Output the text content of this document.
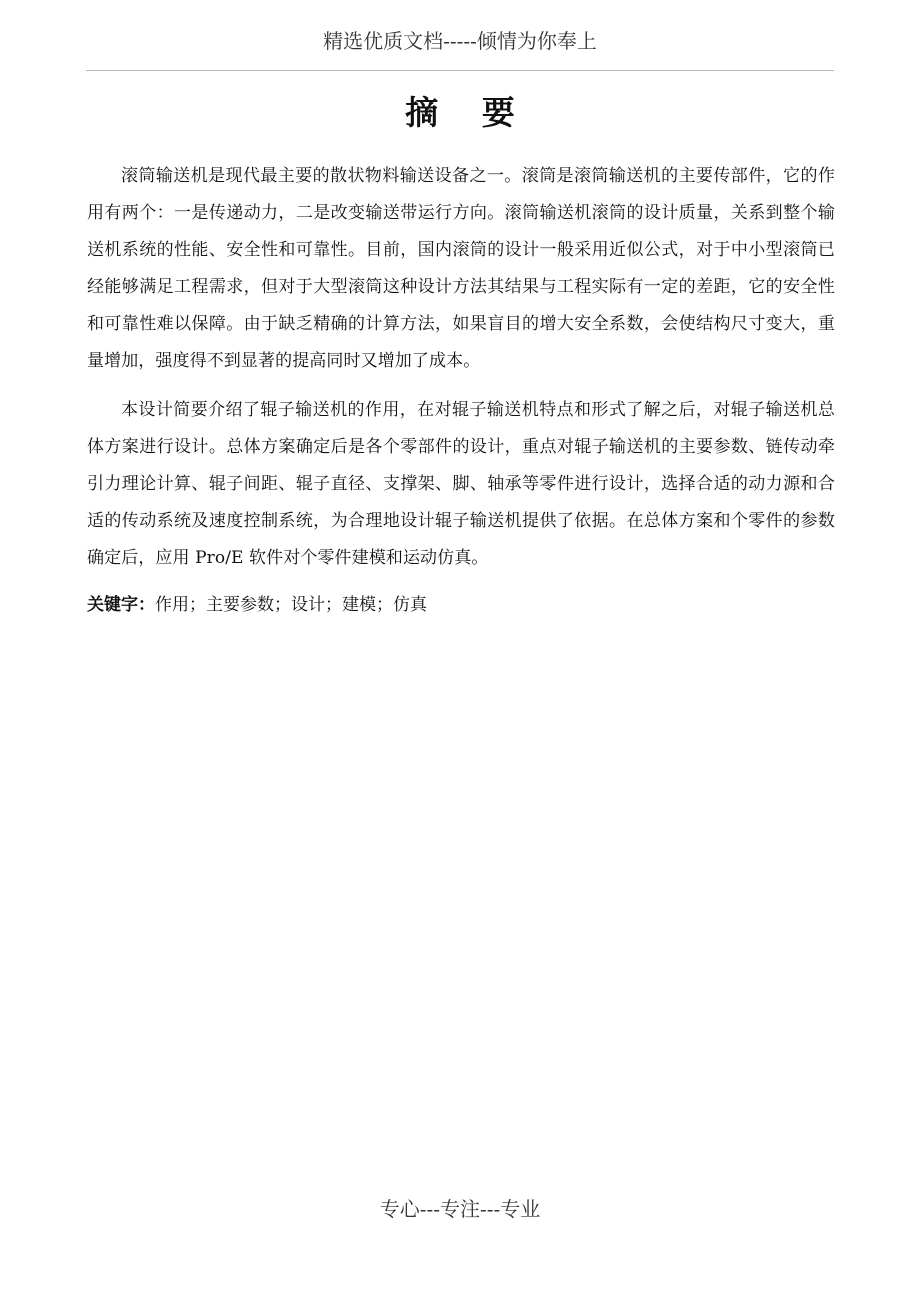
精选优质文档-----倾情为你奉上
摘 要

滚筒输送机是现代最主要的散状物料输送设备之一。滚筒是滚筒输送机的主要传部件，它的作用有两个：一是传递动力，二是改变输送带运行方向。滚筒输送机滚筒的设计质量，关系到整个输送机系统的性能、安全性和可靠性。目前，国内滚筒的设计一般采用近似公式，对于中小型滚筒已经能够满足工程需求，但对于大型滚筒这种设计方法其结果与工程实际有一定的差距，它的安全性和可靠性难以保障。由于缺乏精确的计算方法，如果盲目的增大安全系数，会使结构尺寸变大，重量增加，强度得不到显著的提高同时又增加了成本。

本设计简要介绍了辊子输送机的作用，在对辊子输送机特点和形式了解之后，对辊子输送机总体方案进行设计。总体方案确定后是各个零部件的设计，重点对辊子输送机的主要参数、链传动牵引力理论计算、辊子间距、辊子直径、支撑架、脚、轴承等零件进行设计，选择合适的动力源和合适的传动系统及速度控制系统，为合理地设计辊子输送机提供了依据。在总体方案和个零件的参数确定后，应用 Pro/E 软件对个零件建模和运动仿真。

关键字：作用；主要参数；设计；建模；仿真
专心---专注---专业
